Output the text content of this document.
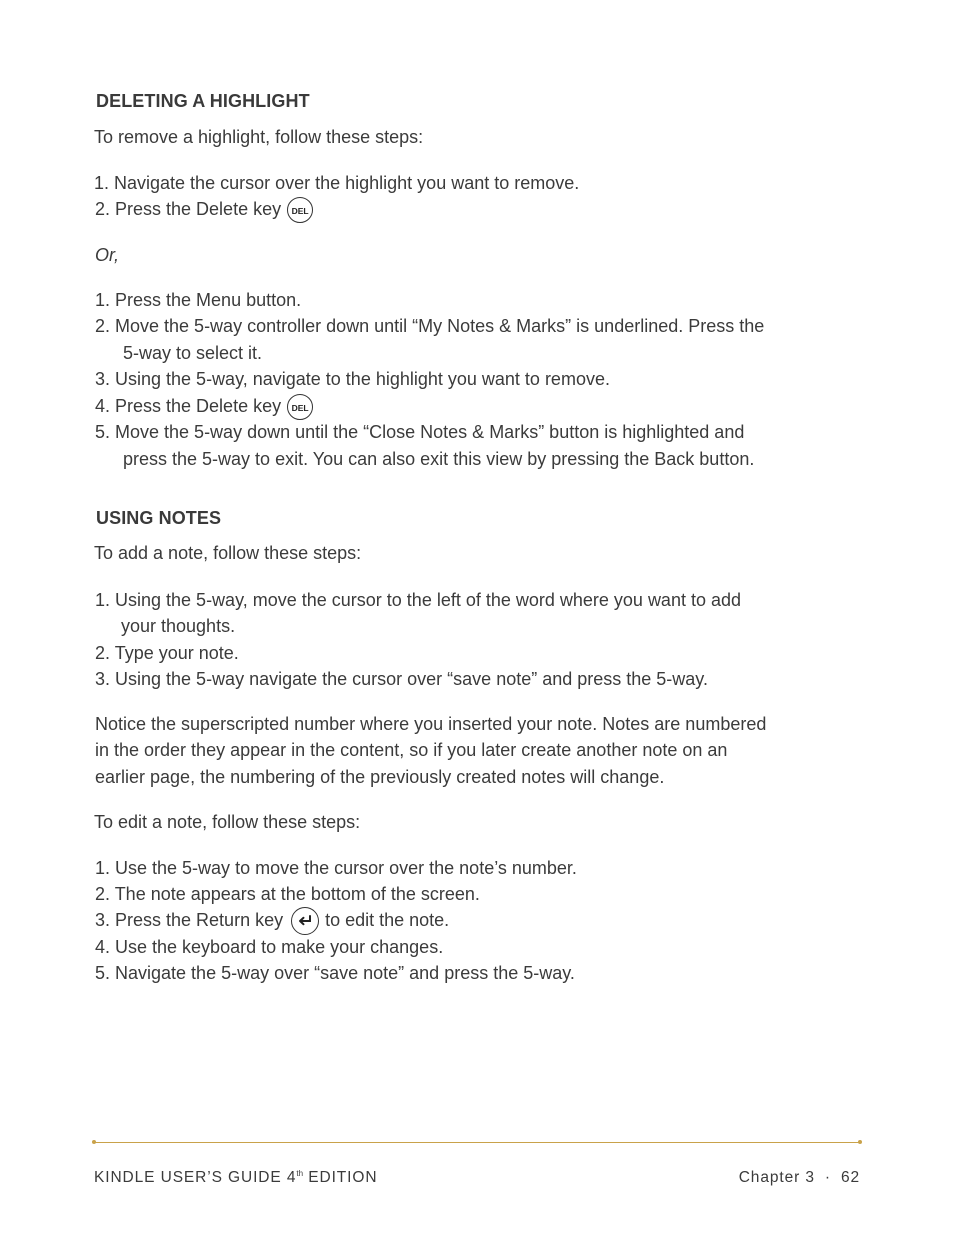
DELETING A HIGHLIGHT
To remove a highlight, follow these steps:
1. Navigate the cursor over the highlight you want to remove.
2. Press the Delete key DEL
Or,
1. Press the Menu button.
2. Move the 5-way controller down until “My Notes & Marks” is underlined. Press the
5-way to select it.
3. Using the 5-way, navigate to the highlight you want to remove.
4. Press the Delete key DEL
5. Move the 5-way down until the “Close Notes & Marks” button is highlighted and
press the 5-way to exit. You can also exit this view by pressing the Back button.
USING NOTES
To add a note, follow these steps:
1. Using the 5-way, move the cursor to the left of the word where you want to add
your thoughts.
2. Type your note.
3. Using the 5-way navigate the cursor over “save note” and press the 5-way.
Notice the superscripted number where you inserted your note. Notes are numbered
in the order they appear in the content, so if you later create another note on an
earlier page, the numbering of the previously created notes will change.
To edit a note, follow these steps:
1. Use the 5-way to move the cursor over the note’s number.
2. The note appears at the bottom of the screen.
3. Press the Return key to edit the note.
4. Use the keyboard to make your changes.
5. Navigate the 5-way over “save note” and press the 5-way.
KINDLE USER’S GUIDE 4th EDITION	Chapter 3 · 62
